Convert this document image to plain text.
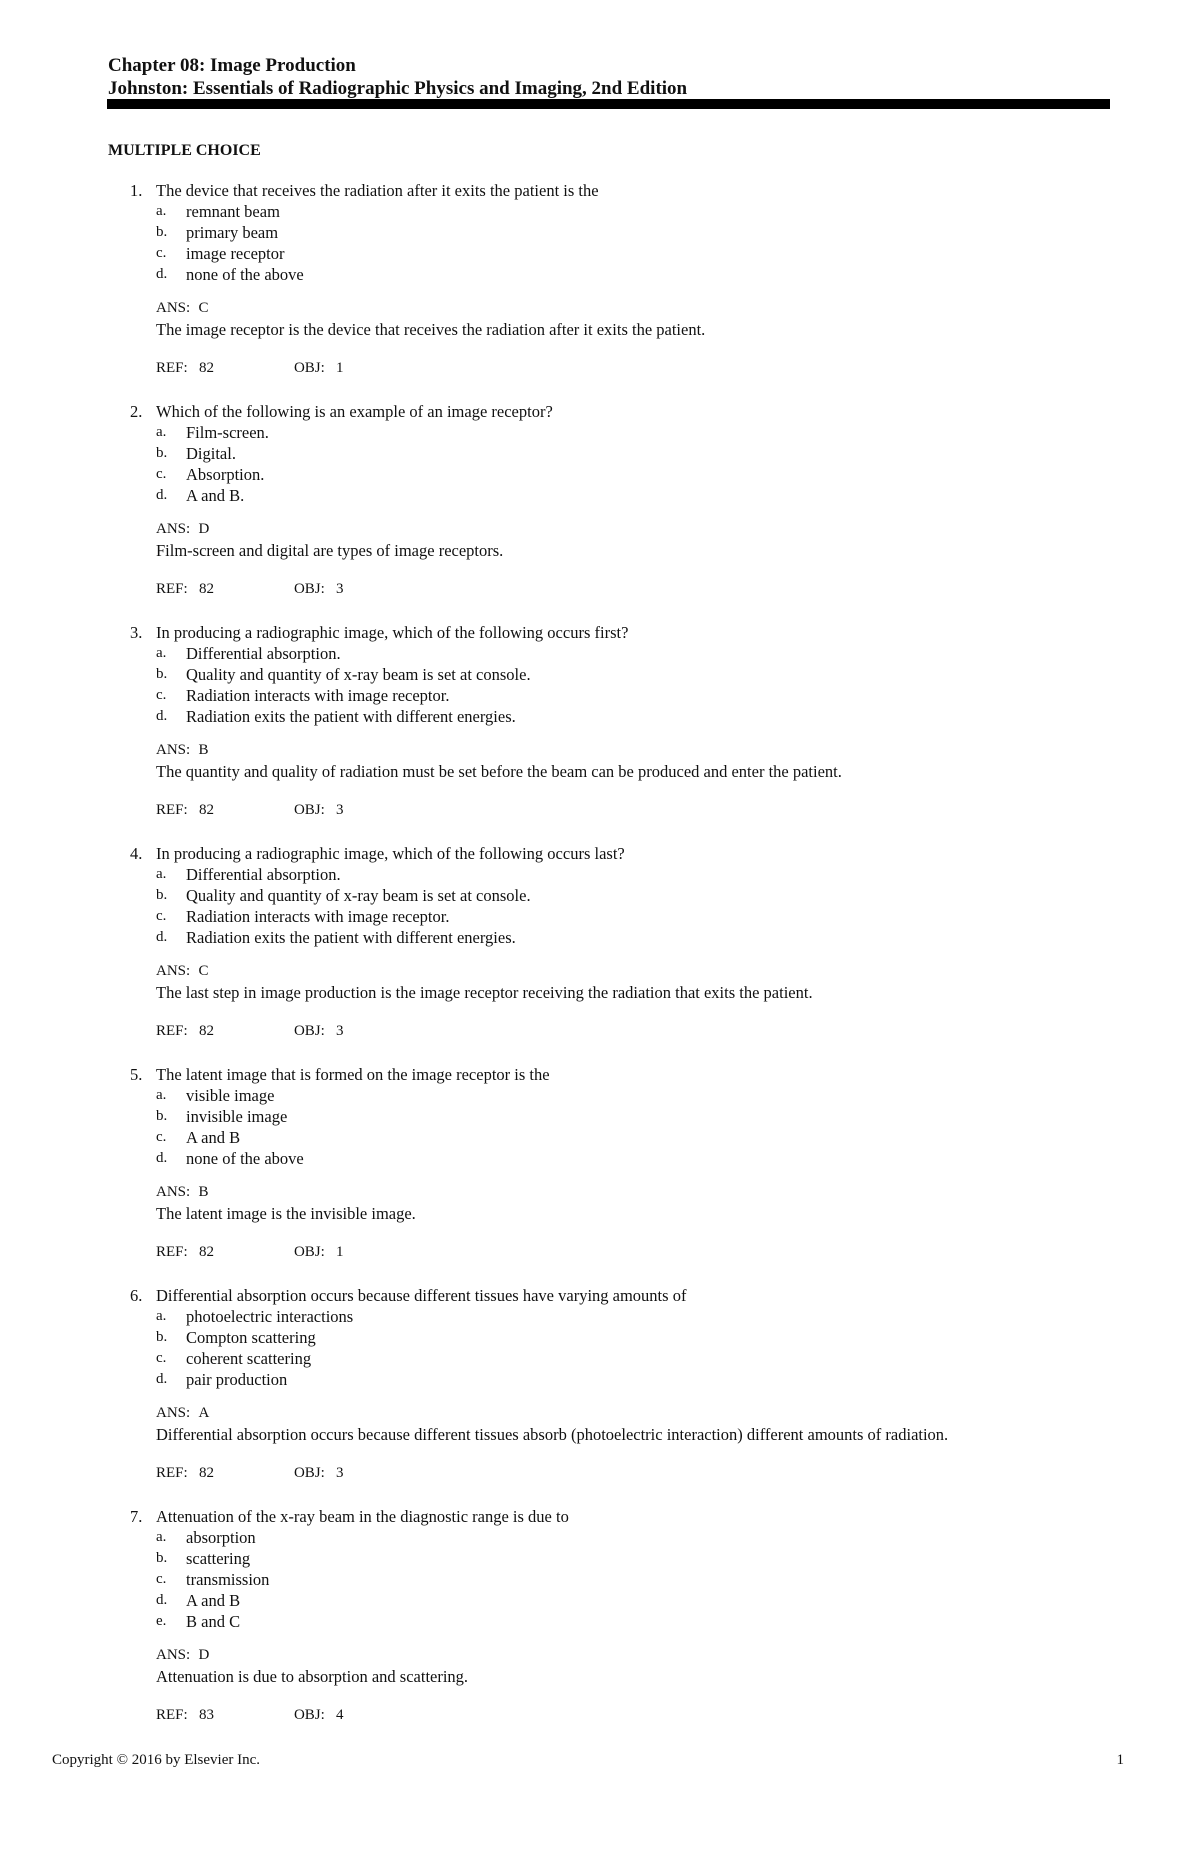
Chapter 08: Image Production
Johnston: Essentials of Radiographic Physics and Imaging, 2nd Edition
MULTIPLE CHOICE
1. The device that receives the radiation after it exits the patient is the
a. remnant beam
b. primary beam
c. image receptor
d. none of the above
ANS: C
The image receptor is the device that receives the radiation after it exits the patient.
REF: 82	OBJ: 1
2. Which of the following is an example of an image receptor?
a. Film-screen.
b. Digital.
c. Absorption.
d. A and B.
ANS: D
Film-screen and digital are types of image receptors.
REF: 82	OBJ: 3
3. In producing a radiographic image, which of the following occurs first?
a. Differential absorption.
b. Quality and quantity of x-ray beam is set at console.
c. Radiation interacts with image receptor.
d. Radiation exits the patient with different energies.
ANS: B
The quantity and quality of radiation must be set before the beam can be produced and enter the patient.
REF: 82	OBJ: 3
4. In producing a radiographic image, which of the following occurs last?
a. Differential absorption.
b. Quality and quantity of x-ray beam is set at console.
c. Radiation interacts with image receptor.
d. Radiation exits the patient with different energies.
ANS: C
The last step in image production is the image receptor receiving the radiation that exits the patient.
REF: 82	OBJ: 3
5. The latent image that is formed on the image receptor is the
a. visible image
b. invisible image
c. A and B
d. none of the above
ANS: B
The latent image is the invisible image.
REF: 82	OBJ: 1
6. Differential absorption occurs because different tissues have varying amounts of
a. photoelectric interactions
b. Compton scattering
c. coherent scattering
d. pair production
ANS: A
Differential absorption occurs because different tissues absorb (photoelectric interaction) different amounts of radiation.
REF: 82	OBJ: 3
7. Attenuation of the x-ray beam in the diagnostic range is due to
a. absorption
b. scattering
c. transmission
d. A and B
e. B and C
ANS: D
Attenuation is due to absorption and scattering.
REF: 83	OBJ: 4
Copyright © 2016 by Elsevier Inc.	1
